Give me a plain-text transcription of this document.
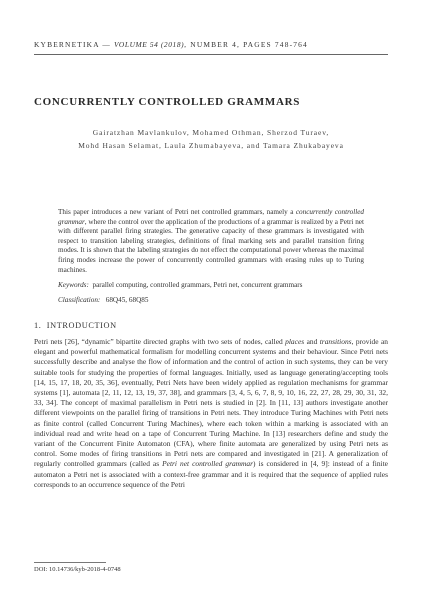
KYBERNETIKA — VOLUME 54 (2018), NUMBER 4, PAGES 748-764
CONCURRENTLY CONTROLLED GRAMMARS
Gairatzhan Mavlankulov, Mohamed Othman, Sherzod Turaev,
Mohd Hasan Selamat, Laula Zhumabayeva, and Tamara Zhukabayeva
This paper introduces a new variant of Petri net controlled grammars, namely a concurrently controlled grammar, where the control over the application of the productions of a grammar is realized by a Petri net with different parallel firing strategies. The generative capacity of these grammars is investigated with respect to transition labeling strategies, definitions of final marking sets and parallel transition firing modes. It is shown that the labeling strategies do not effect the computational power whereas the maximal firing modes increase the power of concurrently controlled grammars with erasing rules up to Turing machines.
Keywords: parallel computing, controlled grammars, Petri net, concurrent grammars
Classification: 68Q45, 68Q85
1. INTRODUCTION
Petri nets [26], “dynamic” bipartite directed graphs with two sets of nodes, called places and transitions, provide an elegant and powerful mathematical formalism for modelling concurrent systems and their behaviour. Since Petri nets successfully describe and analyse the flow of information and the control of action in such systems, they can be very suitable tools for studying the properties of formal languages. Initially, used as language generating/accepting tools [14, 15, 17, 18, 20, 35, 36], eventually, Petri Nets have been widely applied as regulation mechanisms for grammar systems [1], automata [2, 11, 12, 13, 19, 37, 38], and grammars [3, 4, 5, 6, 7, 8, 9, 10, 16, 22, 27, 28, 29, 30, 31, 32, 33, 34]. The concept of maximal parallelism in Petri nets is studied in [2]. In [11, 13] authors investigate another different viewpoints on the parallel firing of transitions in Petri nets. They introduce Turing Machines with Petri nets as finite control (called Concurrent Turing Machines), where each token within a marking is associated with an individual read and write head on a tape of Concurrent Turing Machine. In [13] researchers define and study the variant of the Concurrent Finite Automaton (CFA), where finite automata are generalized by using Petri nets as control. Some modes of firing transitions in Petri nets are compared and investigated in [21]. A generalization of regularly controlled grammars (called as Petri net controlled grammar) is considered in [4, 9]: instead of a finite automaton a Petri net is associated with a context-free grammar and it is required that the sequence of applied rules corresponds to an occurrence sequence of the Petri
DOI: 10.14736/kyb-2018-4-0748
